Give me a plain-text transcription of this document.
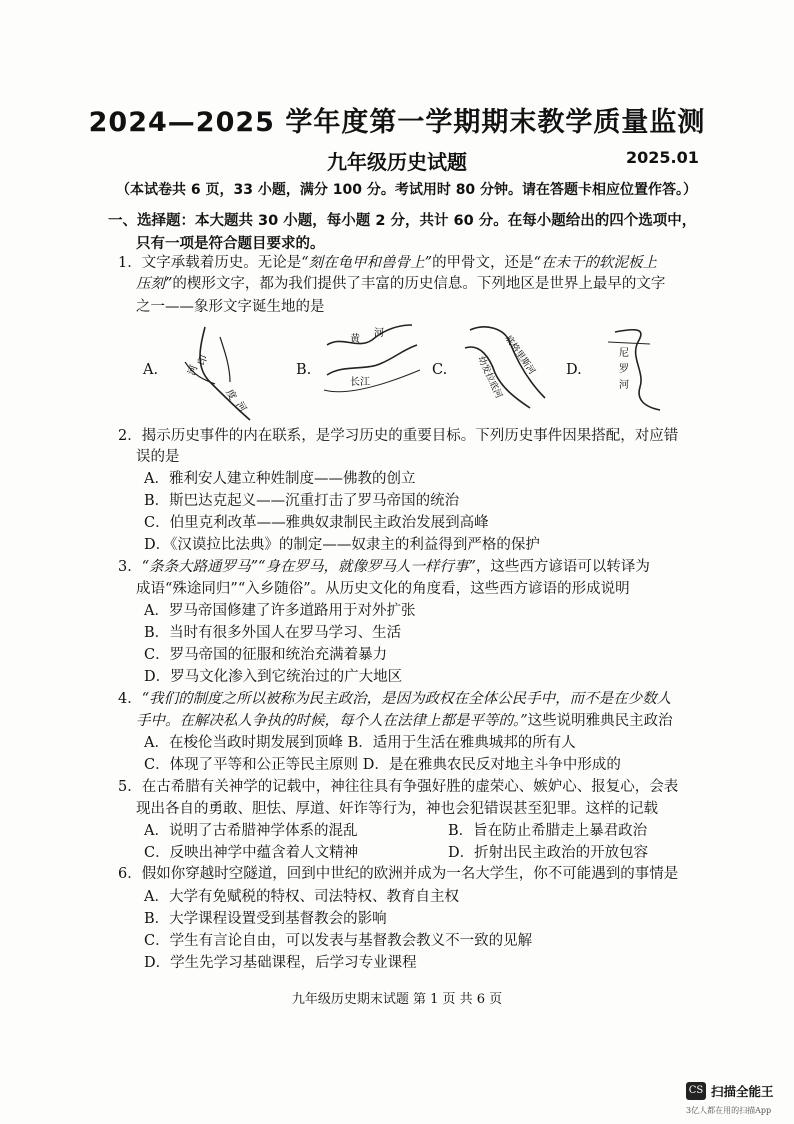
2024—2025 学年度第一学期期末教学质量监测
九年级历史试题	2025.01
（本试卷共 6 页，33 小题，满分 100 分。考试用时 80 分钟。请在答题卡相应位置作答。）
一、选择题：本大题共 30 小题，每小题 2 分，共计 60 分。在每小题给出的四个选项中，
只有一项是符合题目要求的。
1．文字承载着历史。无论是“刻在龟甲和兽骨上”的甲骨文，还是“在未干的软泥板上
压刻”的楔形文字，都为我们提供了丰富的历史信息。下列地区是世界上最早的文字
之一——象形文字诞生地的是
A.	河
印
度
河
B.
黄
河
长江
C.	幼发拉底河 底格里斯河 D.
尼
罗
河
2．揭示历史事件的内在联系，是学习历史的重要目标。下列历史事件因果搭配，对应错
误的是
A．雅利安人建立种姓制度——佛教的创立
B．斯巴达克起义——沉重打击了罗马帝国的统治
C．伯里克利改革——雅典奴隶制民主政治发展到高峰
D．《汉谟拉比法典》的制定——奴隶主的利益得到严格的保护
3．“条条大路通罗马”“身在罗马，就像罗马人一样行事”，这些西方谚语可以转译为
成语“殊途同归”“入乡随俗”。从历史文化的角度看，这些西方谚语的形成说明
A．罗马帝国修建了许多道路用于对外扩张
B．当时有很多外国人在罗马学习、生活
C．罗马帝国的征服和统治充满着暴力
D．罗马文化渗入到它统治过的广大地区
4．“我们的制度之所以被称为民主政治，是因为政权在全体公民手中，而不是在少数人
手中。在解决私人争执的时候，每个人在法律上都是平等的。”这些说明雅典民主政治
A．在梭伦当政时期发展到顶峰 B．适用于生活在雅典城邦的所有人
C．体现了平等和公正等民主原则 D．是在雅典农民反对地主斗争中形成的
5．在古希腊有关神学的记载中，神往往具有争强好胜的虚荣心、嫉妒心、报复心，会表
现出各自的勇敢、胆怯、厚道、奸诈等行为，神也会犯错误甚至犯罪。这样的记载
A．说明了古希腊神学体系的混乱	B．旨在防止希腊走上暴君政治
C．反映出神学中蕴含着人文精神	D．折射出民主政治的开放包容
6．假如你穿越时空隧道，回到中世纪的欧洲并成为一名大学生，你不可能遇到的事情是
A．大学有免赋税的特权、司法特权、教育自主权
B．大学课程设置受到基督教会的影响
C．学生有言论自由，可以发表与基督教会教义不一致的见解
D．学生先学习基础课程，后学习专业课程
九年级历史期末试题 第 1 页 共 6 页
CS 扫描全能王
3亿人都在用的扫描App
